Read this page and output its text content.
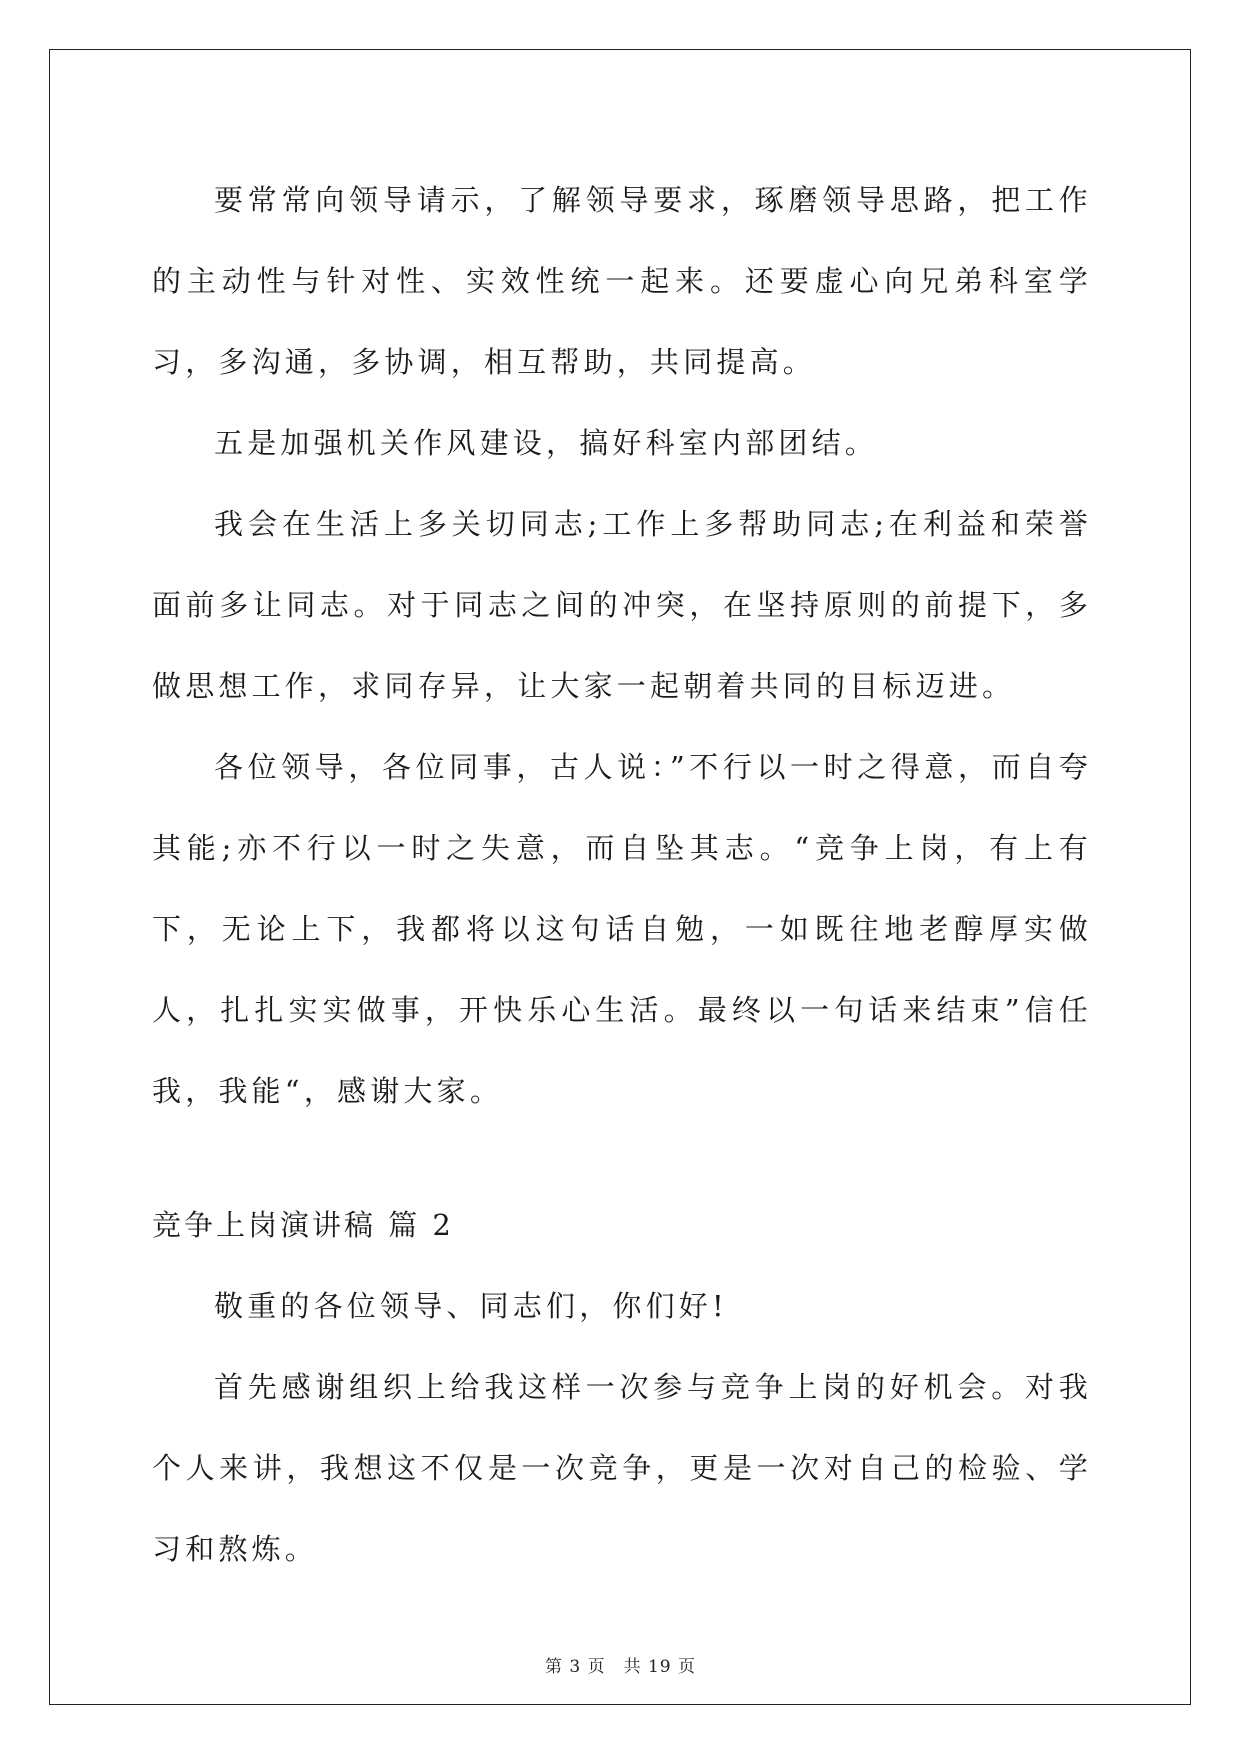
要常常向领导请示，了解领导要求，琢磨领导思路，把工作的主动性与针对性、实效性统一起来。还要虚心向兄弟科室学习，多沟通，多协调，相互帮助，共同提高。

五是加强机关作风建设，搞好科室内部团结。

我会在生活上多关切同志;工作上多帮助同志;在利益和荣誉面前多让同志。对于同志之间的冲突，在坚持原则的前提下，多做思想工作，求同存异，让大家一起朝着共同的目标迈进。

各位领导，各位同事，古人说：”不行以一时之得意，而自夸其能;亦不行以一时之失意，而自坠其志。“竞争上岗，有上有下，无论上下，我都将以这句话自勉，一如既往地老醇厚实做人，扎扎实实做事，开快乐心生活。最终以一句话来结束”信任我，我能“，感谢大家。

竞争上岗演讲稿 篇 2

敬重的各位领导、同志们，你们好!

首先感谢组织上给我这样一次参与竞争上岗的好机会。对我个人来讲，我想这不仅是一次竞争，更是一次对自己的检验、学习和熬炼。

第 3 页 共 19 页
